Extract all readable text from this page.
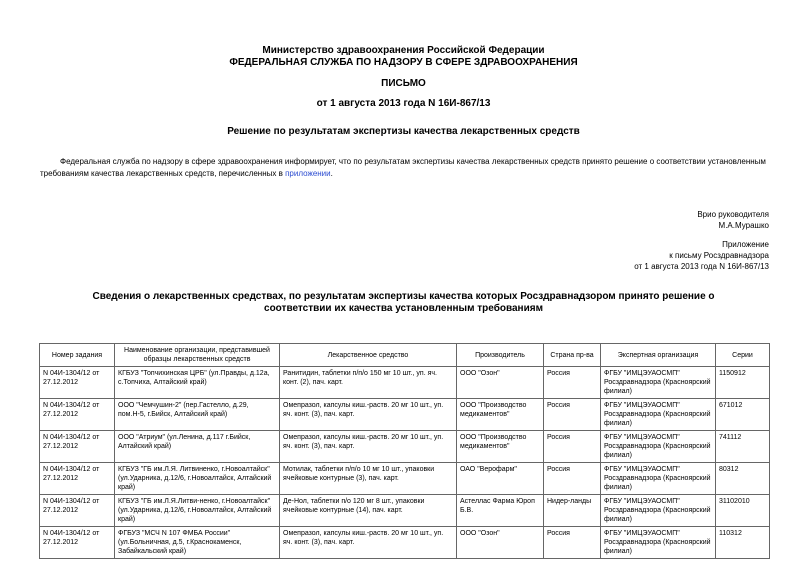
Министерство здравоохранения Российской Федерации
ФЕДЕРАЛЬНАЯ СЛУЖБА ПО НАДЗОРУ В СФЕРЕ ЗДРАВООХРАНЕНИЯ
ПИСЬМО
от 1 августа 2013 года N 16И-867/13
Решение по результатам экспертизы качества лекарственных средств
Федеральная служба по надзору в сфере здравоохранения информирует, что по результатам экспертизы качества лекарственных средств принято решение о соответствии установленным требованиям качества лекарственных средств, перечисленных в приложении.
Врио руководителя
М.А.Мурашко
Приложение
к письму Росздравнадзора
от 1 августа 2013 года N 16И-867/13
Сведения о лекарственных средствах, по результатам экспертизы качества которых Росздравнадзором принято решение о соответствии их качества установленным требованиям
Номер задания	Наименование организации, представившей образцы лекарственных средств	Лекарственное средство	Производитель	Страна пр-ва	Экспертная организация	Серии
N 04И-1304/12 от 27.12.2012	КГБУЗ "Топчихинская ЦРБ" (ул.Правды, д.12а, с.Топчиха, Алтайский край)	Ранитидин, таблетки п/п/о 150 мг 10 шт., уп. яч. конт. (2), пач. карт.	ООО "Озон"	Россия	ФГБУ "ИМЦЭУАОСМП" Росздравнадзора (Красноярский филиал)	1150912
N 04И-1304/12 от 27.12.2012	ООО "Чемчушин-2" (пер.Гастелло, д.29, пом.Н-5, г.Бийск, Алтайский край)	Омепразол, капсулы киш.-раств. 20 мг 10 шт., уп. яч. конт. (3), пач. карт.	ООО "Производство медикаментов"	Россия	ФГБУ "ИМЦЭУАОСМП" Росздравнадзора (Красноярский филиал)	671012
N 04И-1304/12 от 27.12.2012	ООО "Атриум" (ул.Ленина, д.117 г.Бийск, Алтайский край)	Омепразол, капсулы киш.-раств. 20 мг 10 шт., уп. яч. конт. (3), пач. карт.	ООО "Производство медикаментов"	Россия	ФГБУ "ИМЦЭУАОСМП" Росздравнадзора (Красноярский филиал)	741112
N 04И-1304/12 от 27.12.2012	КГБУЗ "ГБ им.Л.Я. Литвиненко, г.Новоалтайск" (ул.Ударника, д.12/6, г.Новоалтайск, Алтайский край)	Мотилак, таблетки п/п/о 10 мг 10 шт., упаковки ячейковые контурные (3), пач. карт.	ОАО "Верофарм"	Россия	ФГБУ "ИМЦЭУАОСМП" Росздравнадзора (Красноярский филиал)	80312
N 04И-1304/12 от 27.12.2012	КГБУЗ "ГБ им.Л.Я.Литви-ненко, г.Новоалтайск" (ул.Ударника, д.12/6, г.Новоалтайск, Алтайский край)	Де-Нол, таблетки п/о 120 мг 8 шт., упаковки ячейковые контурные (14), пач. карт.	Астеллас Фарма Юроп Б.В.	Нидер-ланды	ФГБУ "ИМЦЭУАОСМП" Росздравнадзора (Красноярский филиал)	31102010
N 04И-1304/12 от 27.12.2012	ФГБУЗ "МСЧ N 107 ФМБА России" (ул.Больничная, д.5, г.Краснокаменск, Забайкальский край)	Омепразол, капсулы киш.-раств. 20 мг 10 шт., уп. яч. конт. (3), пач. карт.	ООО "Озон"	Россия	ФГБУ "ИМЦЭУАОСМП" Росздравнадзора (Красноярский филиал)	110312
